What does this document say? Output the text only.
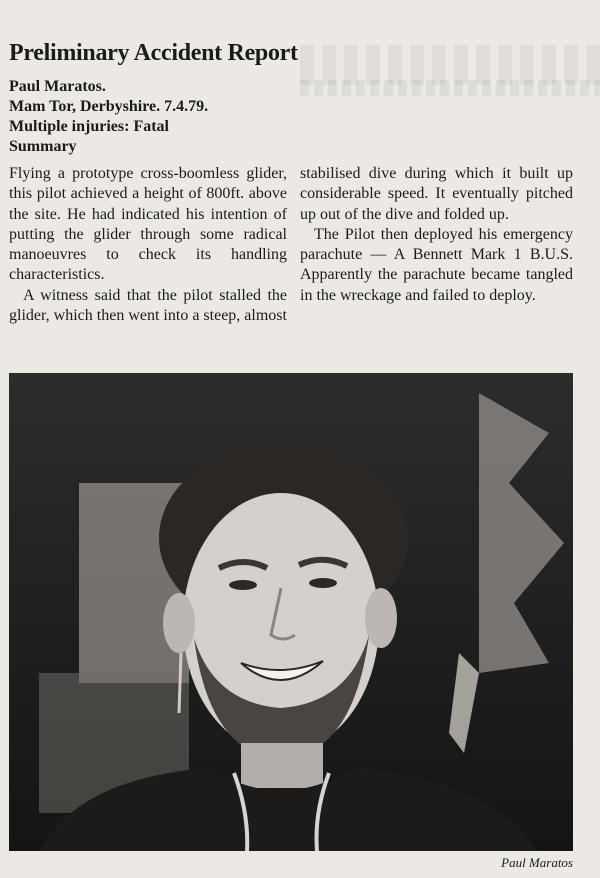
Preliminary Accident Report
Paul Maratos.
Mam Tor, Derbyshire. 7.4.79.
Multiple injuries: Fatal
Summary

Flying a prototype cross-boomless glider, this pilot achieved a height of 800ft. above the site. He had indicated his intention of putting the glider through some radical manoeuvres to check its handling characteristics.

A witness said that the pilot stalled the glider, which then went into a steep, almost

stabilised dive during which it built up considerable speed. It eventually pitched up out of the dive and folded up.

The Pilot then deployed his emergency parachute — A Bennett Mark 1 B.U.S. Apparently the parachute became tangled in the wreckage and failed to deploy.

Paul Maratos
